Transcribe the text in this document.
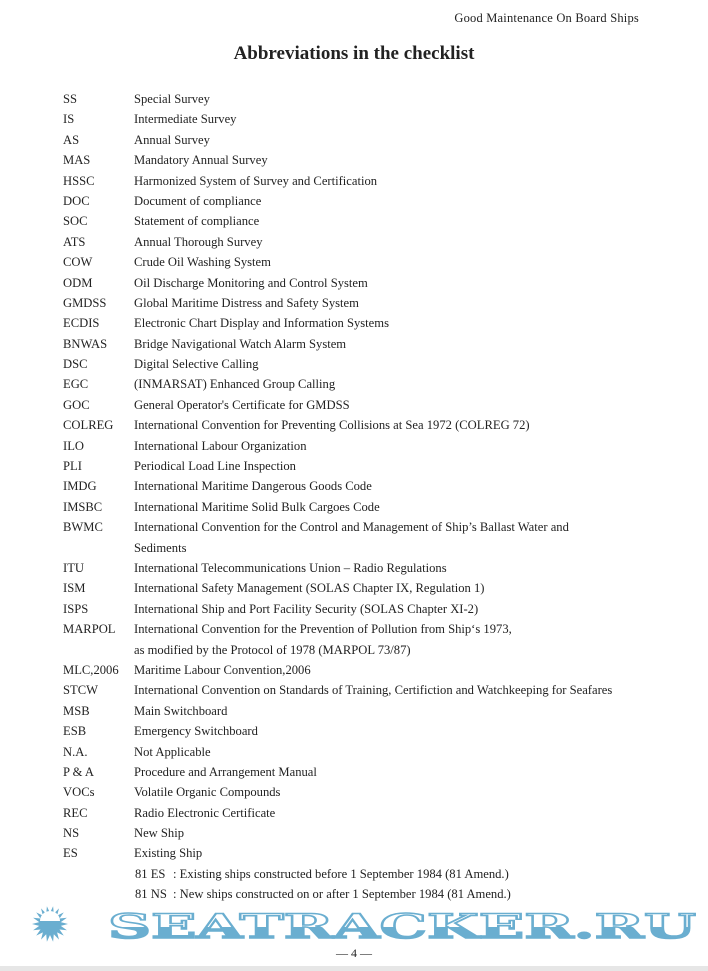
Good Maintenance On Board Ships
Abbreviations in the checklist
SS	Special Survey
IS	Intermediate Survey
AS	Annual Survey
MAS	Mandatory Annual Survey
HSSC	Harmonized System of Survey and Certification
DOC	Document of compliance
SOC	Statement of compliance
ATS	Annual Thorough Survey
COW	Crude Oil Washing System
ODM	Oil Discharge Monitoring and Control System
GMDSS	Global Maritime Distress and Safety System
ECDIS	Electronic Chart Display and Information Systems
BNWAS	Bridge Navigational Watch Alarm System
DSC	Digital Selective Calling
EGC	(INMARSAT) Enhanced Group Calling
GOC	General Operator's Certificate for GMDSS
COLREG	International Convention for Preventing Collisions at Sea 1972 (COLREG 72)
ILO	International Labour Organization
PLI	Periodical Load Line Inspection
IMDG	International Maritime Dangerous Goods Code
IMSBC	International Maritime Solid Bulk Cargoes Code
BWMC	International Convention for the Control and Management of Ship’s Ballast Water and
Sediments
ITU	International Telecommunications Union – Radio Regulations
ISM	International Safety Management (SOLAS Chapter IX, Regulation 1)
ISPS	International Ship and Port Facility Security (SOLAS Chapter XI-2)
MARPOL	International Convention for the Prevention of Pollution from Ship‘s 1973,
as modified by the Protocol of 1978 (MARPOL 73/87)
MLC,2006	Maritime Labour Convention,2006
STCW	International Convention on Standards of Training, Certifiction and Watchkeeping for Seafares
MSB	Main Switchboard
ESB	Emergency Switchboard
N.A.	Not Applicable
P & A	Procedure and Arrangement Manual
VOCs	Volatile Organic Compounds
REC	Radio Electronic Certificate
NS	New Ship
ES	Existing Ship
81 ES : Existing ships constructed before 1 September 1984 (81 Amend.)
81 NS : New ships constructed on or after 1 September 1984 (81 Amend.)
SEATRACKER.RU
— 4 —
